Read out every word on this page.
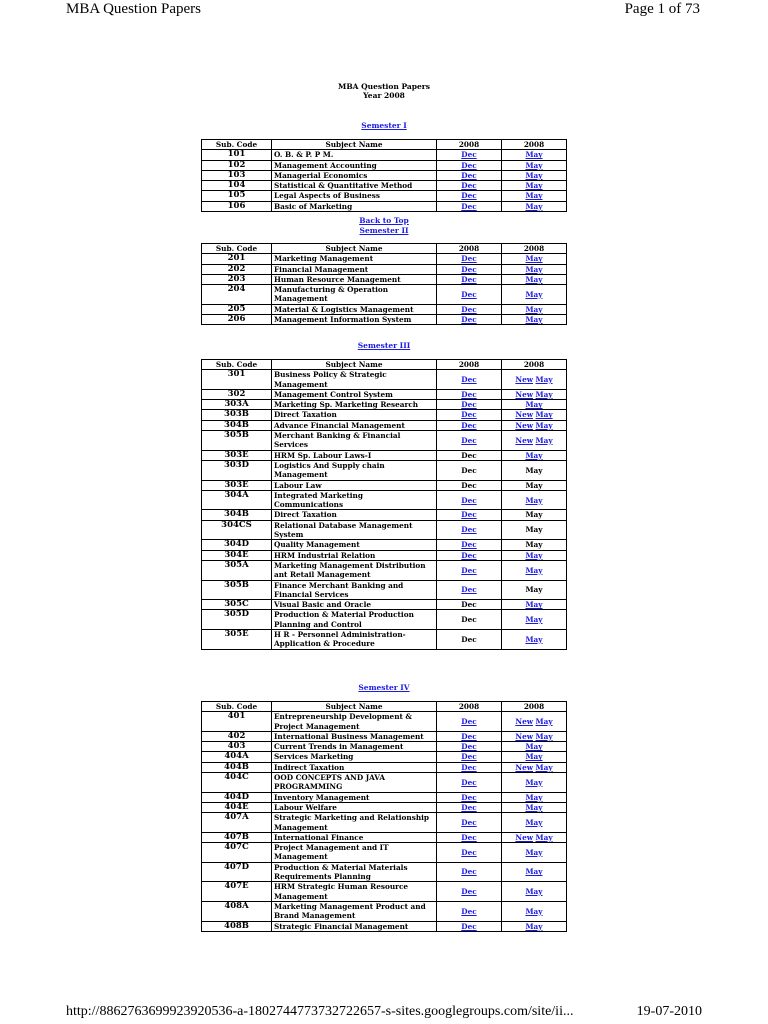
MBA Question Papers	Page 1 of 73
MBA Question Papers
Year 2008
Semester I
Sub. Code	Subject Name	2008	2008
101	O. B. & P. P M.	Dec	May
102	Management Accounting	Dec	May
103	Managerial Economics	Dec	May
104	Statistical & Quantitative Method	Dec	May
105	Legal Aspects of Business	Dec	May
106	Basic of Marketing	Dec	May
Back to Top
Semester II
Sub. Code	Subject Name	2008	2008
201	Marketing Management	Dec	May
202	Financial Management	Dec	May
203	Human Resource Management	Dec	May
204	Manufacturing & Operation Management	Dec	May
205	Material & Logistics Management	Dec	May
206	Management Information System	Dec	May
Semester III
Sub. Code	Subject Name	2008	2008
301	Business Policy & Strategic Management	Dec	New May
302	Management Control System	Dec	New May
303A	Marketing Sp. Marketing Research	Dec	May
303B	Direct Taxation	Dec	New May
304B	Advance Financial Management	Dec	New May
305B	Merchant Banking & Financial Services	Dec	New May
303E	HRM Sp. Labour Laws-I	Dec	May
303D	Logistics And Supply chain Management	Dec	May
303E	Labour Law	Dec	May
304A	Integrated Marketing Communications	Dec	May
304B	Direct Taxation	Dec	May
304CS	Relational Database Management System	Dec	May
304D	Quality Management	Dec	May
304E	HRM Industrial Relation	Dec	May
305A	Marketing Management Distribution ant Retail Management	Dec	May
305B	Finance Merchant Banking and Financial Services	Dec	May
305C	Visual Basic and Oracle	Dec	May
305D	Production & Material Production Planning and Control	Dec	May
305E	H R - Personnel Administration-Application & Procedure	Dec	May
Semester IV
Sub. Code	Subject Name	2008	2008
401	Entrepreneurship Development & Project Management	Dec	New May
402	International Business Management	Dec	New May
403	Current Trends in Management	Dec	May
404A	Services Marketing	Dec	May
404B	Indirect Taxation	Dec	New May
404C	OOD CONCEPTS AND JAVA PROGRAMMING	Dec	May
404D	Inventory Management	Dec	May
404E	Labour Welfare	Dec	May
407A	Strategic Marketing and Relationship Management	Dec	May
407B	International Finance	Dec	New May
407C	Project Management and IT Management	Dec	May
407D	Production & Material Materials Requirements Planning	Dec	May
407E	HRM Strategic Human Resource Management	Dec	May
408A	Marketing Management Product and Brand Management	Dec	May
408B	Strategic Financial Management	Dec	May
http://886276369992392053​6-a-1802744773732722657-s-sites.googlegroups.com/site/ii...	19-07-2010
